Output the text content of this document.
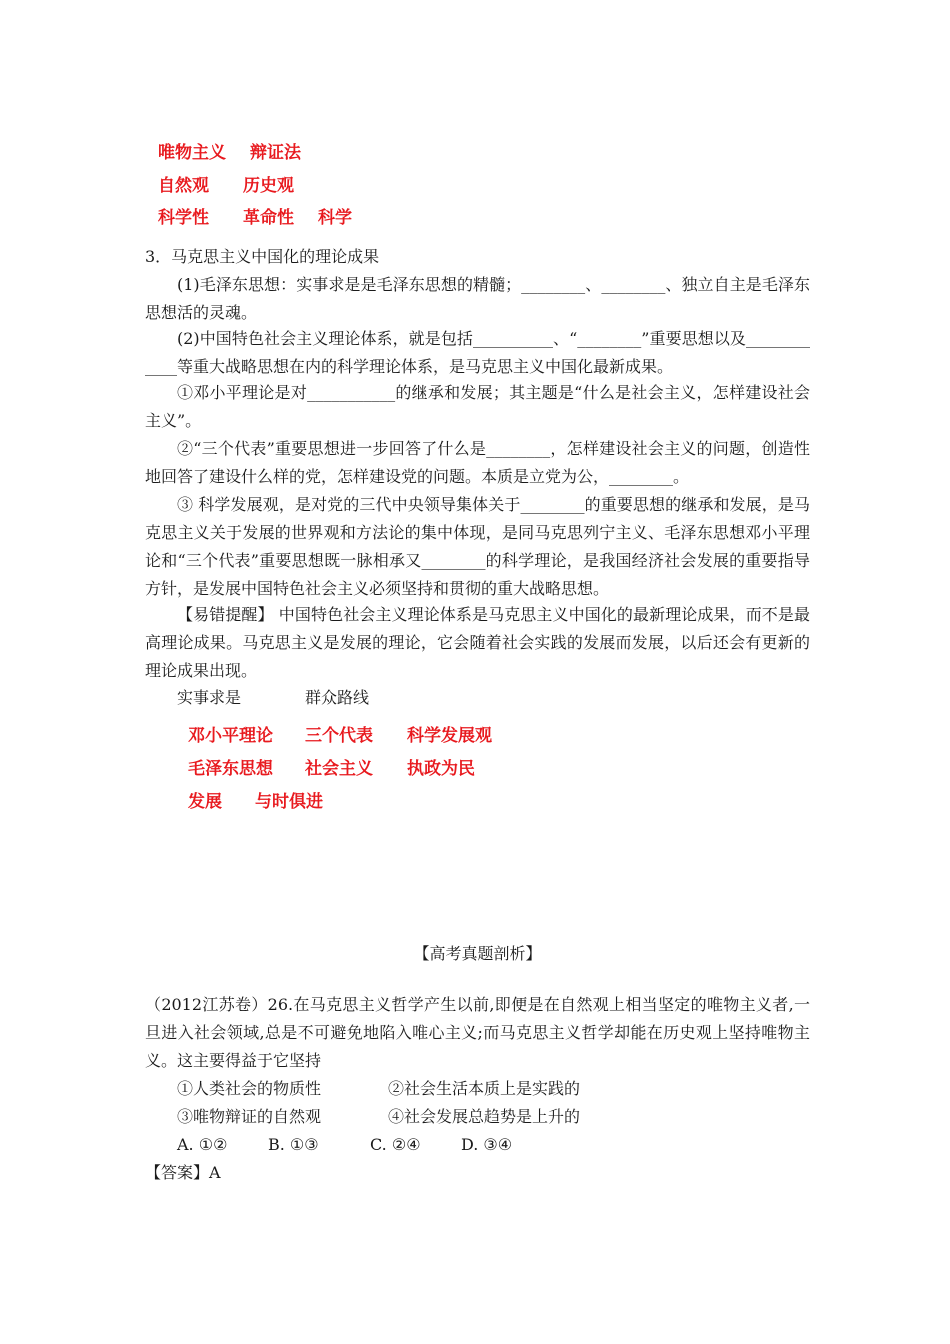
唯物主义 辩证法
自然观 历史观
科学性 革命性 科学
3．马克思主义中国化的理论成果
(1)毛泽东思想：实事求是是毛泽东思想的精髓；________、________、独立自主是毛泽东思想活的灵魂。
(2)中国特色社会主义理论体系，就是包括__________、“________”重要思想以及____________等重大战略思想在内的科学理论体系，是马克思主义中国化最新成果。
①邓小平理论是对___________的继承和发展；其主题是“什么是社会主义，怎样建设社会主义”。
②“三个代表”重要思想进一步回答了什么是________，怎样建设社会主义的问题，创造性地回答了建设什么样的党，怎样建设党的问题。本质是立党为公，________。
③ 科学发展观，是对党的三代中央领导集体关于________的重要思想的继承和发展，是马克思主义关于发展的世界观和方法论的集中体现，是同马克思列宁主义、毛泽东思想邓小平理论和“三个代表”重要思想既一脉相承又________的科学理论，是我国经济社会发展的重要指导方针，是发展中国特色社会主义必须坚持和贯彻的重大战略思想。
【易错提醒】 中国特色社会主义理论体系是马克思主义中国化的最新理论成果，而不是最高理论成果。马克思主义是发展的理论，它会随着社会实践的发展而发展，以后还会有更新的理论成果出现。
实事求是	群众路线
邓小平理论 三个代表 科学发展观
毛泽东思想 社会主义 执政为民
发展 与时俱进
【高考真题剖析】
（2012江苏卷）26.在马克思主义哲学产生以前,即便是在自然观上相当坚定的唯物主义者,一旦进入社会领域,总是不可避免地陷入唯心主义;而马克思主义哲学却能在历史观上坚持唯物主义。这主要得益于它坚持
①人类社会的物质性	②社会生活本质上是实践的
③唯物辩证的自然观	④社会发展总趋势是上升的
A. ①②	B. ①③	C. ②④	D. ③④
【答案】A
